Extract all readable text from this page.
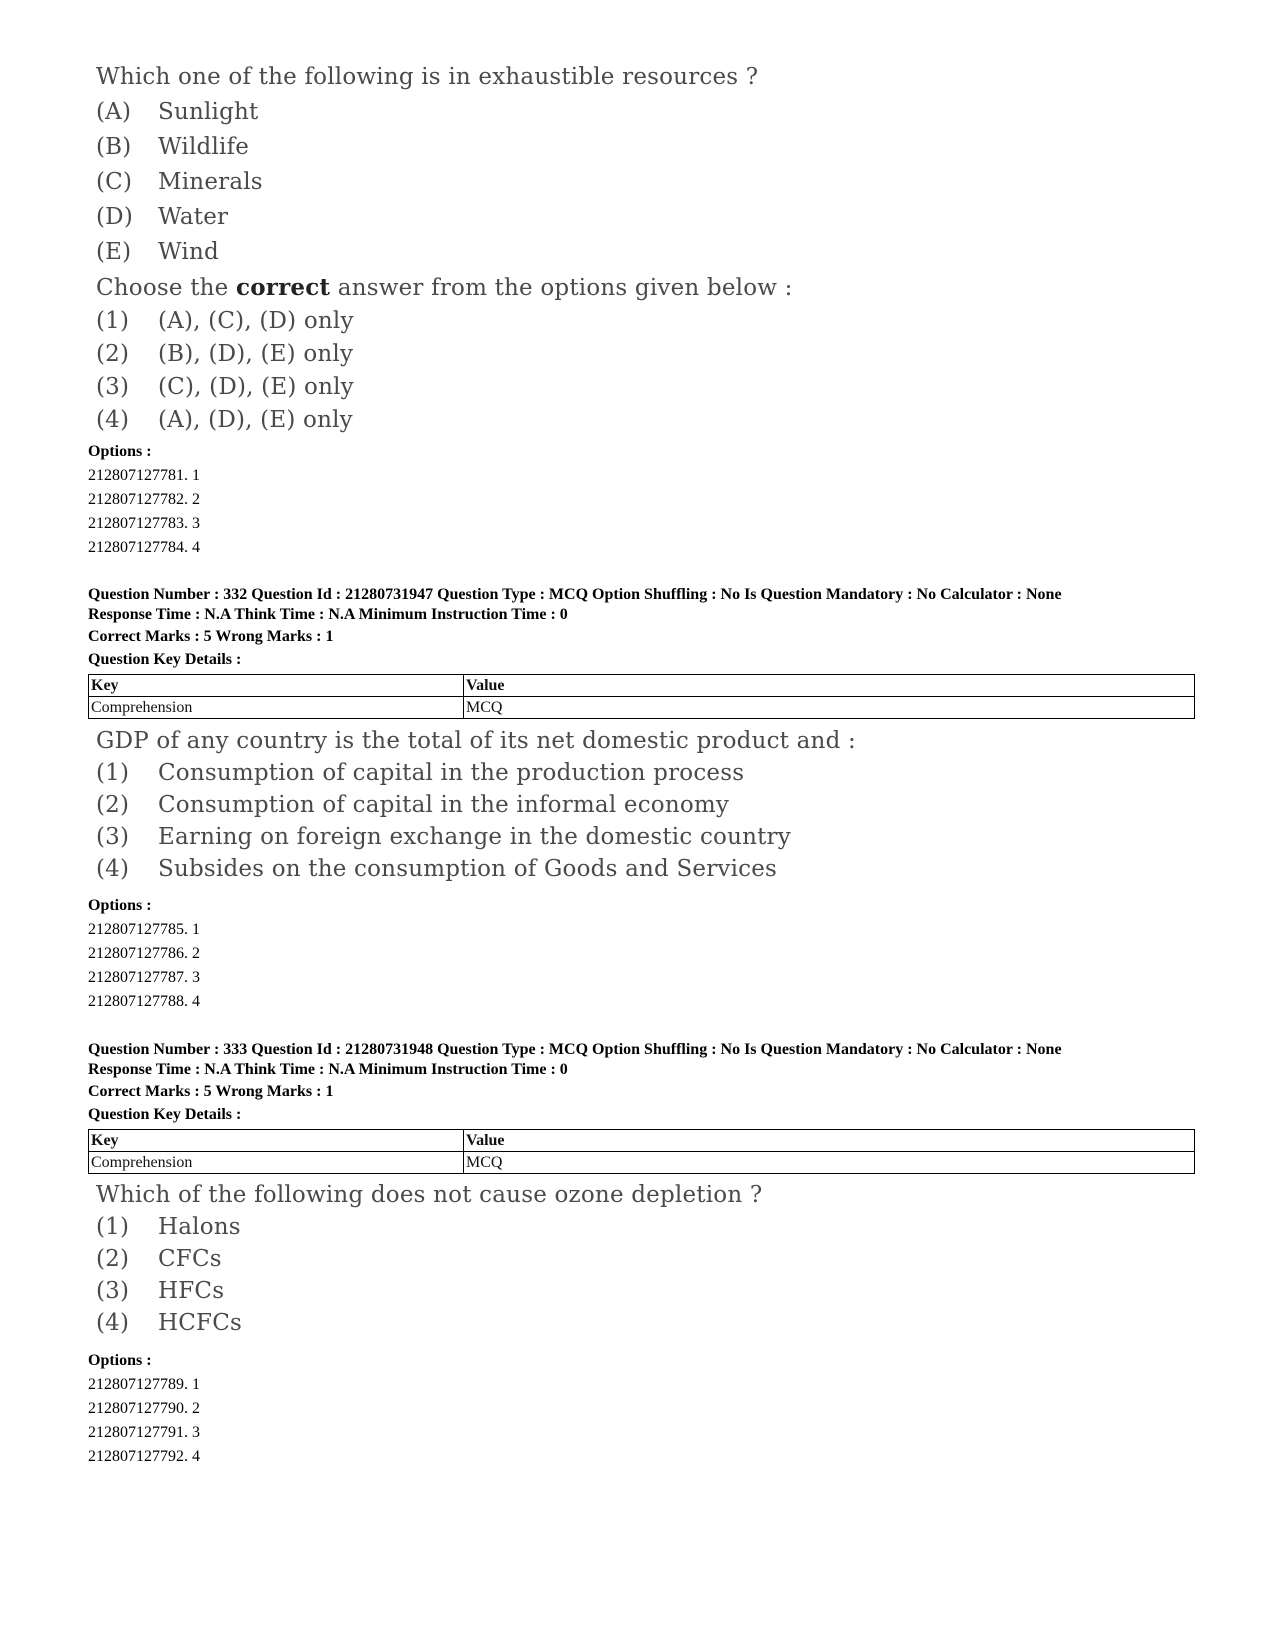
Which one of the following is in exhaustible resources ?
(A)	Sunlight
(B)	Wildlife
(C)	Minerals
(D)	Water
(E)	Wind
Choose the correct answer from the options given below :
(1)	(A), (C), (D) only
(2)	(B), (D), (E) only
(3)	(C), (D), (E) only
(4)	(A), (D), (E) only
Options :
212807127781. 1
212807127782. 2
212807127783. 3
212807127784. 4
Question Number : 332 Question Id : 21280731947 Question Type : MCQ Option Shuffling : No Is Question Mandatory : No Calculator : None
Response Time : N.A Think Time : N.A Minimum Instruction Time : 0
Correct Marks : 5 Wrong Marks : 1
Question Key Details :
Key	Value
Comprehension	MCQ
GDP of any country is the total of its net domestic product and :
(1)	Consumption of capital in the production process
(2)	Consumption of capital in the informal economy
(3)	Earning on foreign exchange in the domestic country
(4)	Subsides on the consumption of Goods and Services
Options :
212807127785. 1
212807127786. 2
212807127787. 3
212807127788. 4
Question Number : 333 Question Id : 21280731948 Question Type : MCQ Option Shuffling : No Is Question Mandatory : No Calculator : None
Response Time : N.A Think Time : N.A Minimum Instruction Time : 0
Correct Marks : 5 Wrong Marks : 1
Question Key Details :
Key	Value
Comprehension	MCQ
Which of the following does not cause ozone depletion ?
(1)	Halons
(2)	CFCs
(3)	HFCs
(4)	HCFCs
Options :
212807127789. 1
212807127790. 2
212807127791. 3
212807127792. 4
